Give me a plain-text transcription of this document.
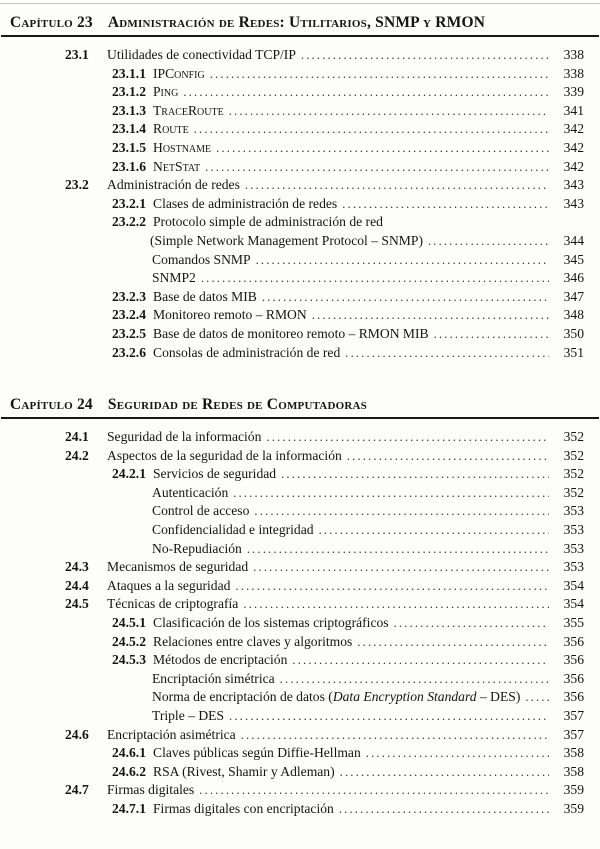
Capítulo 23 Administración de Redes: Utilitarios, SNMP y RMON
23.1	Utilidades de conectividad TCP/IP .....	338
23.1.1 IPConfig .....	338
23.1.2 Ping .....	339
23.1.3 TraceRoute .....	341
23.1.4 Route .....	342
23.1.5 Hostname .....	342
23.1.6 NetStat .....	342
23.2	Administración de redes .....	343
23.2.1 Clases de administración de redes .....	343
23.2.2 Protocolo simple de administración de red
(Simple Network Management Protocol – SNMP) .....	344
Comandos SNMP .....	345
SNMP2 .....	346
23.2.3 Base de datos MIB .....	347
23.2.4 Monitoreo remoto – RMON .....	348
23.2.5 Base de datos de monitoreo remoto – RMON MIB .....	350
23.2.6 Consolas de administración de red .....	351
Capítulo 24 Seguridad de Redes de Computadoras
24.1	Seguridad de la información .....	352
24.2	Aspectos de la seguridad de la información .....	352
24.2.1 Servicios de seguridad .....	352
Autenticación .....	352
Control de acceso .....	353
Confidencialidad e integridad .....	353
No-Repudiación .....	353
24.3	Mecanismos de seguridad .....	353
24.4	Ataques a la seguridad .....	354
24.5	Técnicas de criptografía .....	354
24.5.1 Clasificación de los sistemas criptográficos .....	355
24.5.2 Relaciones entre claves y algoritmos .....	356
24.5.3 Métodos de encriptación .....	356
Encriptación simétrica .....	356
Norma de encriptación de datos (Data Encryption Standard – DES) .....	356
Triple – DES .....	357
24.6	Encriptación asimétrica .....	357
24.6.1 Claves públicas según Diffie-Hellman .....	358
24.6.2 RSA (Rivest, Shamir y Adleman) .....	358
24.7	Firmas digitales .....	359
24.7.1 Firmas digitales con encriptación .....	359
